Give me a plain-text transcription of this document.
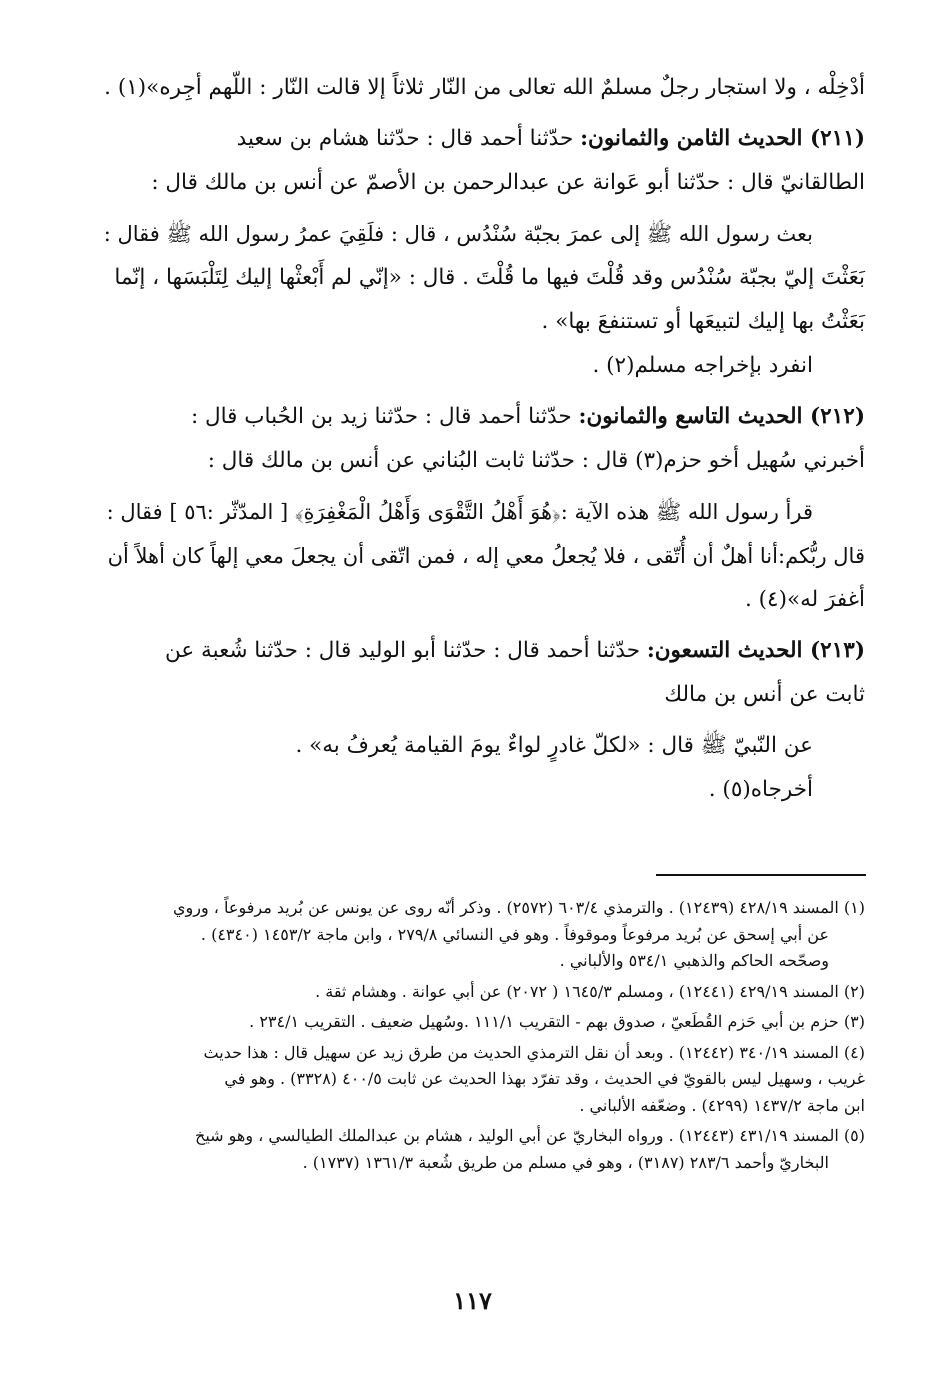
أدْخِلْه ، ولا استجار رجلٌ مسلمٌ الله تعالى من النّار ثلاثاً إلا قالت النّار : اللّهم أجِره»(١) .
(٢١١) الحديث الثامن والثمانون: حدّثنا أحمد قال : حدّثنا هشام بن سعيد
الطالقانيّ قال : حدّثنا أبو عَوانة عن عبدالرحمن بن الأصمّ عن أنس بن مالك قال :
بعث رسول الله ﷺ إلى عمرَ بجبّة سُنْدُس ، قال : فلَقِيَ عمرُ رسول الله ﷺ فقال :
بَعَثْتَ إليّ بجبّة سُنْدُس وقد قُلْتَ فيها ما قُلْتَ . قال : «إنّي لم أَبْعثْها إليك لِتَلْبَسَها ، إنّما
بَعَثْتُ بها إليك لتبيعَها أو تستنفعَ بها» .
انفرد بإخراجه مسلم(٢) .
(٢١٢) الحديث التاسع والثمانون: حدّثنا أحمد قال : حدّثنا زيد بن الحُباب قال :
أخبرني سُهيل أخو حزم(٣) قال : حدّثنا ثابت البُناني عن أنس بن مالك قال :
قرأ رسول الله ﷺ هذه الآية :﴿هُوَ أَهْلُ التَّقْوَى وَأَهْلُ الْمَغْفِرَةِ﴾ [ المدّثّر :٥٦ ] فقال :
قال ربُّكم:أنا أهلٌ أن أُتّقى ، فلا يُجعلُ معي إله ، فمن اتّقى أن يجعلَ معي إلهاً كان أهلاً أن
أغفرَ له»(٤) .
(٢١٣) الحديث التسعون: حدّثنا أحمد قال : حدّثنا أبو الوليد قال : حدّثنا شُعبة عن
ثابت عن أنس بن مالك
عن النّبيّ ﷺ قال : «لكلّ غادرٍ لواءٌ يومَ القيامة يُعرفُ به» .
أخرجاه(٥) .
(١) المسند ٤٢٨/١٩ (١٢٤٣٩) . والترمذي ٦٠٣/٤ (٢٥٧٢) . وذكر أنّه روى عن يونس عن بُريد مرفوعاً ، وروي
عن أبي إسحق عن بُريد مرفوعاً وموقوفاً . وهو في النسائي ٢٧٩/٨ ، وابن ماجة ١٤٥٣/٢ (٤٣٤٠) .
وصحّحه الحاكم والذهبي ٥٣٤/١ والألباني .
(٢) المسند ٤٢٩/١٩ (١٢٤٤١) ، ومسلم ١٦٤٥/٣ ( ٢٠٧٢) عن أبي عوانة . وهشام ثقة .
(٣) حزم بن أبي حَزم القُطَعيّ ، صدوق بهم - التقريب ١١١/١ .وسُهيل ضعيف . التقريب ٢٣٤/١ .
(٤) المسند ٣٤٠/١٩ (١٢٤٤٢) . وبعد أن نقل الترمذي الحديث من طرق زيد عن سهيل قال : هذا حديث
غريب ، وسهيل ليس بالقويّ في الحديث ، وقد تفرّد بهذا الحديث عن ثابت ٤٠٠/٥ (٣٣٢٨) . وهو في
ابن ماجة ١٤٣٧/٢ (٤٢٩٩) . وضعّفه الألباني .
(٥) المسند ٤٣١/١٩ (١٢٤٤٣) . ورواه البخاريّ عن أبي الوليد ، هشام بن عبدالملك الطيالسي ، وهو شيخ
البخاريّ وأحمد ٢٨٣/٦ (٣١٨٧) ، وهو في مسلم من طريق شُعبة ١٣٦١/٣ (١٧٣٧) .
١١٧
